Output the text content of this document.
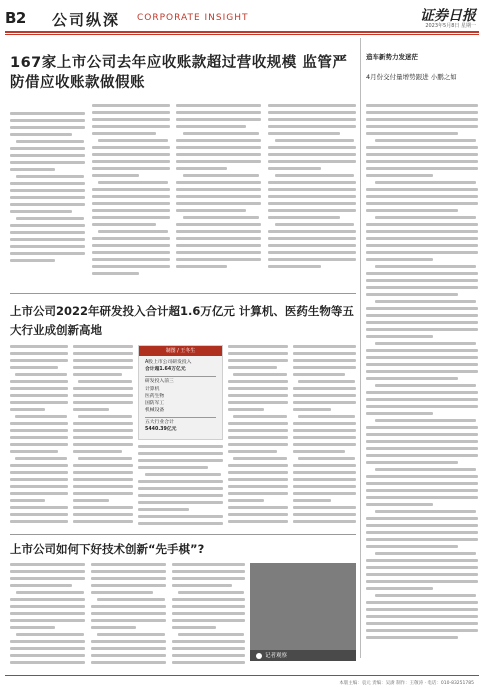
B2 公司纵深 CORPORATE INSIGHT	证券日报
2023年5月8日 星期一
167家上市公司去年应收账款超过营收规模 监管严防借应收账款做假账
造车新势力发迷茫
4月份交付量增势跟进 小鹏之如
上市公司2022年研发投入合计超1.6万亿元 计算机、医药生物等五大行业成创新高地
制图 / 王冬生
A股上市公司研发投入
合计超1.64万亿元
研发投入前三
计算机
医药生物
国防军工
机械设备
五大行业合计
5440.39亿元
上市公司如何下好技术创新“先手棋”?
记者观察
本版主编：袁元 责编：吴澍 制作：王敬涛 · 电话：010-83251785
